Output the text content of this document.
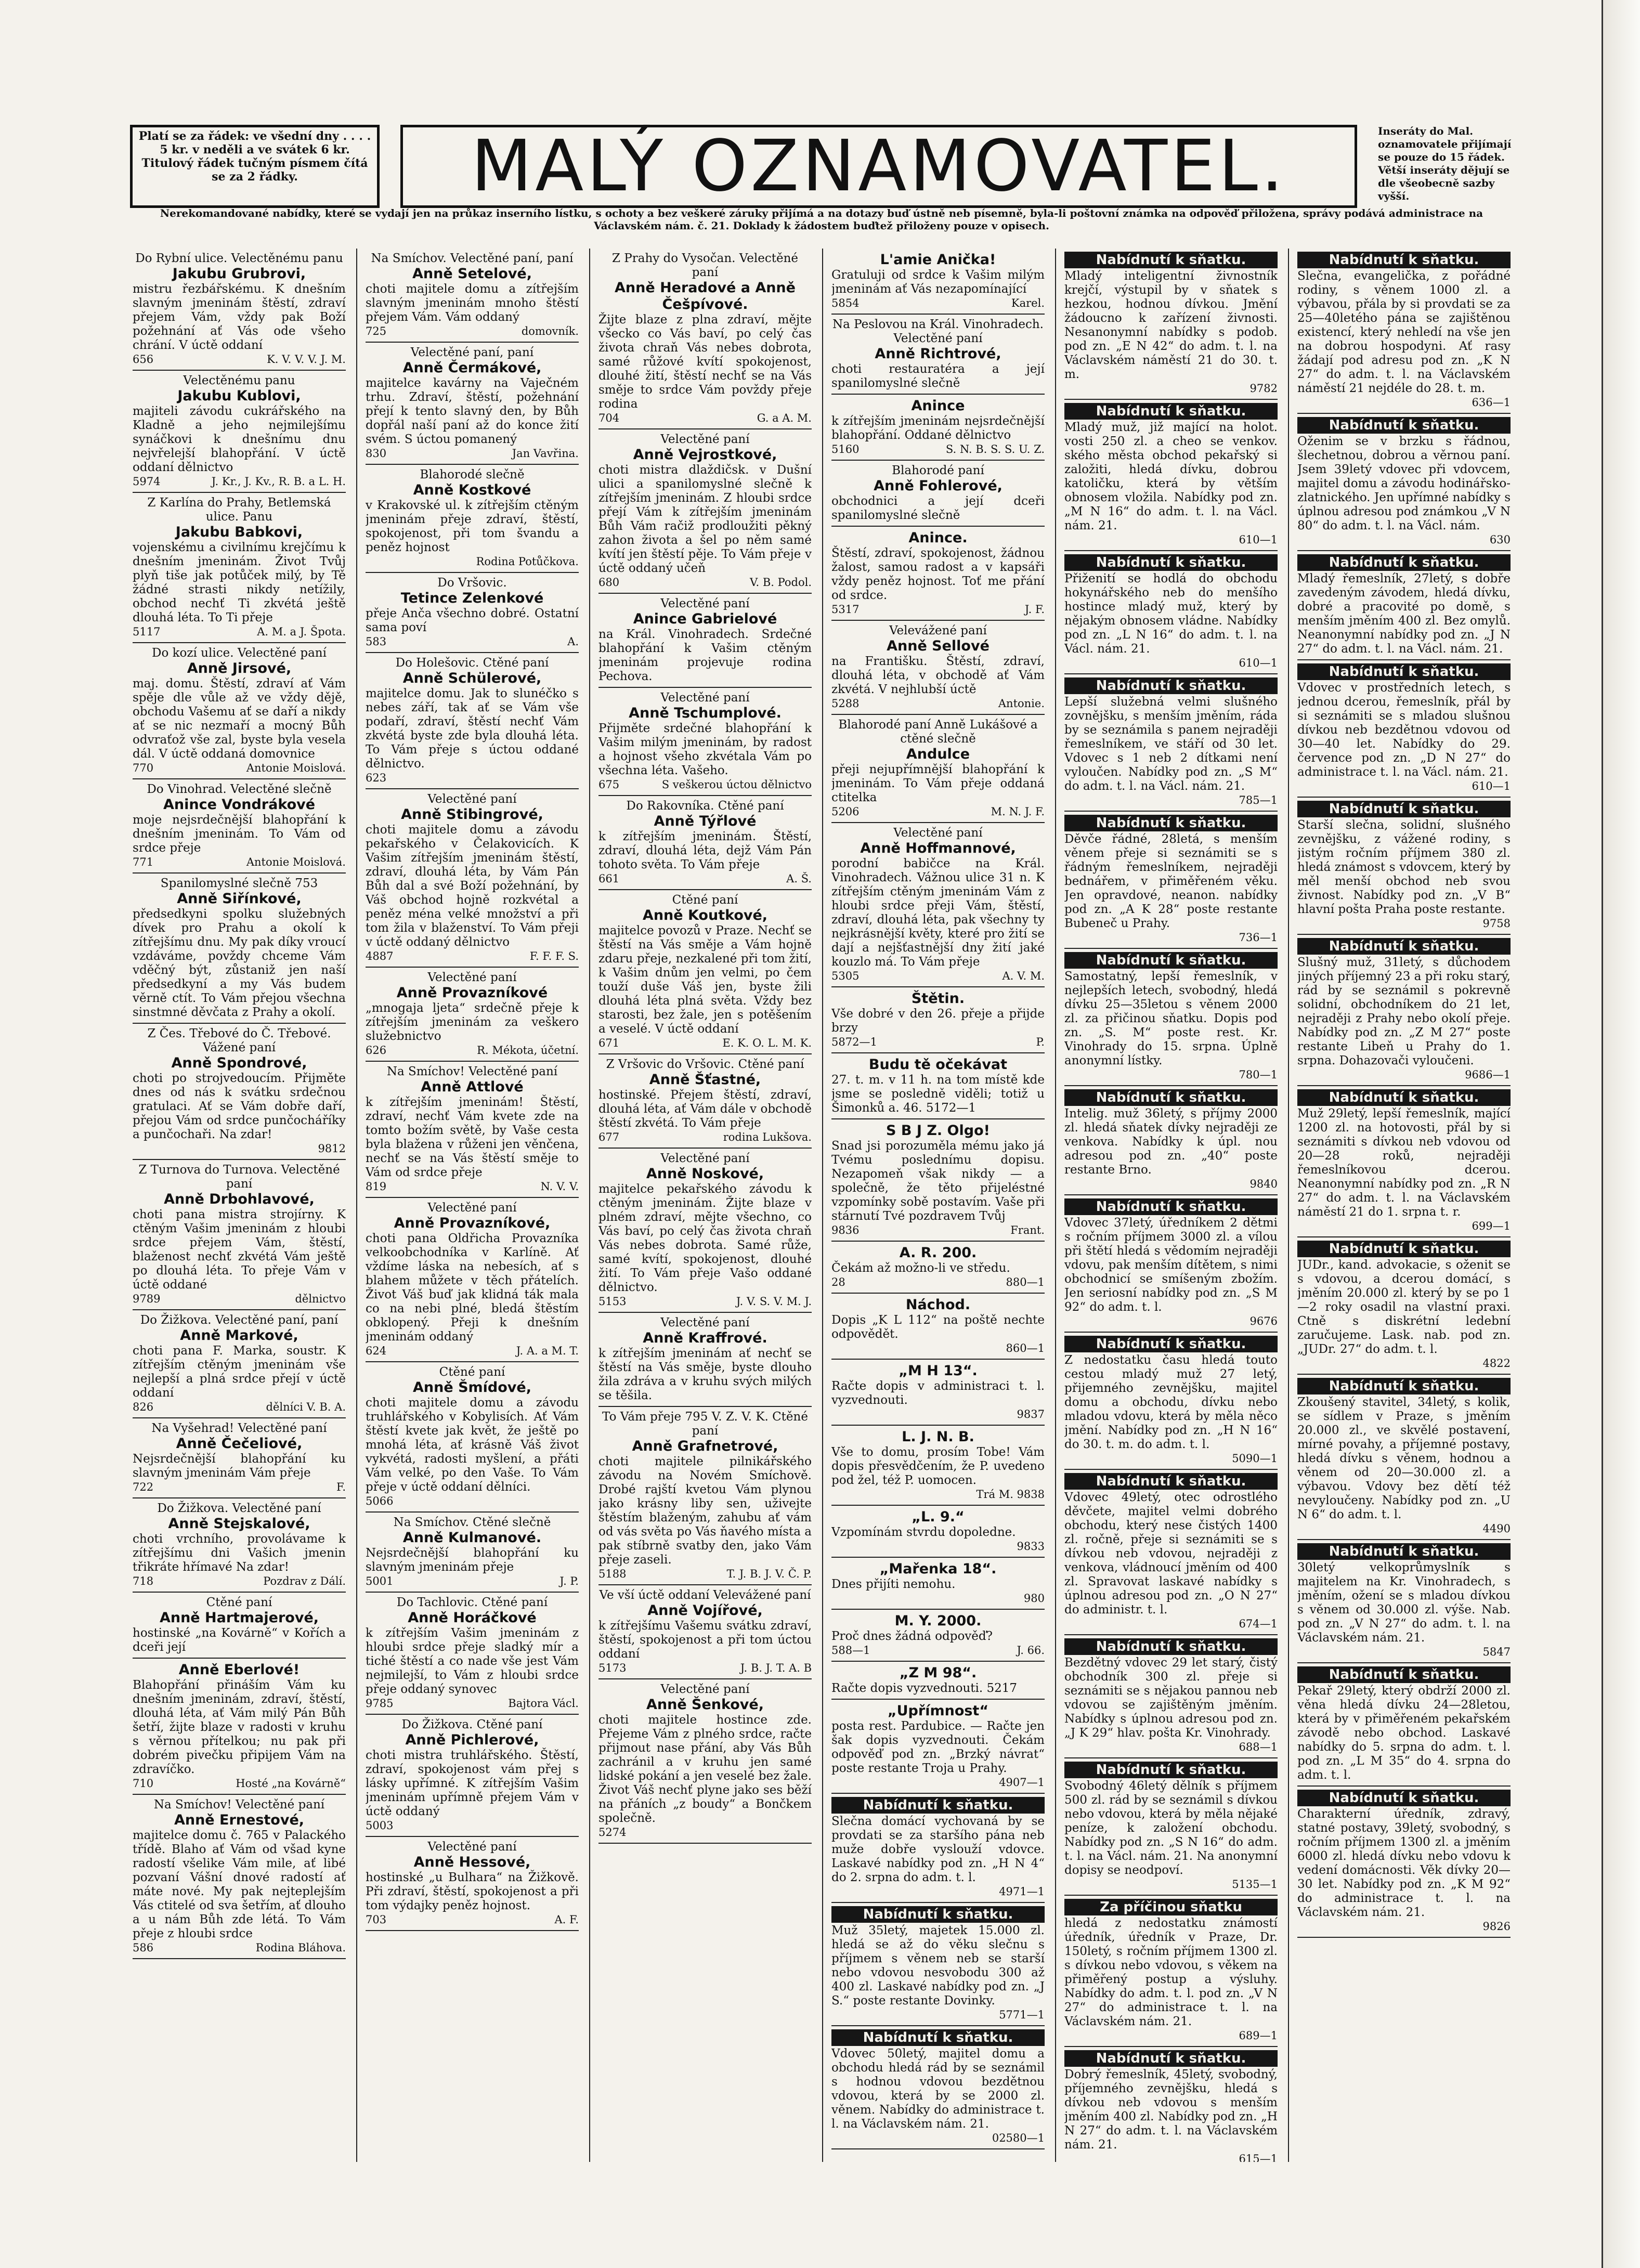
Platí se za řádek: ve všední dny . . . . 5 kr. v neděli a ve svátek 6 kr. Titulový řádek tučným písmem čítá se za 2 řádky.	MALÝ OZNAMOVATEL.	Inseráty do Mal. oznamovatele přijímají se pouze do 15 řádek. Větší inseráty dějují se dle všeobecně sazby vyšší.
Nerekomandované nabídky, které se vydají jen na průkaz inserního lístku, s ochoty a bez veškeré záruky přijímá a na dotazy buď ústně neb písemně, byla-li poštovní známka na odpověď přiložena, správy podává administrace na Václavském nám. č. 21. Doklady k žádostem buďtež přiloženy pouze v opisech.
Do Rybní ulice. Velectěnému panu
Jakubu Grubrovi,
mistru řezbářskému. K dnešním slavným jmeninám štěstí, zdraví přejem Vám, vždy pak Boží požehnání ať Vás ode všeho chrání. V úctě oddaní
656	K. V. V. V. J. M.
Velectěnému panu
Jakubu Kublovi,
majiteli závodu cukrářského na Kladně a jeho nejmilejšímu synáčkovi k dnešnímu dnu nejvřelejší blahopřání. V úctě oddaní dělnictvo
5974	J. Kr., J. Kv., R. B. a L. H.
Z Karlína do Prahy, Betlemská ulice. Panu
Jakubu Babkovi,
vojenskému a civilnímu krejčímu k dnešním jmeninám. Život Tvůj plyň tiše jak potůček milý, by Tě žádné strasti nikdy netížily, obchod nechť Ti zkvétá ještě dlouhá léta. To Ti přeje
5117	A. M. a J. Špota.
Do kozí ulice. Velectěné paní
Anně Jirsové,
maj. domu. Štěstí, zdraví ať Vám spěje dle vůle až ve vždy dějě, obchodu Vašemu ať se daří a nikdy ať se nic nezmaří a mocný Bůh odvraťož vše zal, byste byla vesela dál. V úctě oddaná domovnice
770	Antonie Moislová.
Do Vinohrad. Velectěné slečně
Anince Vondrákové
moje nejsrdečnější blahopřání k dnešním jmeninám. To Vám od srdce přeje
771	Antonie Moislová.
Spanilomyslné slečně 753
Anně Siřínkové,
předsedkyni spolku služebných dívek pro Prahu a okolí k zítřejšímu dnu. My pak díky vroucí vzdáváme, povždy chceme Vám vděčný být, zůstaniž jen naší předsedkyní a my Vás budem věrně ctít. To Vám přejou všechna sinstmné děvčata z Prahy a okolí.
Z Čes. Třebové do Č. Třebové. Vážené paní
Anně Spondrové,
choti po strojvedoucím. Přijměte dnes od nás k svátku srdečnou gratulaci. Ať se Vám dobře daří, přejou Vám od srdce punčocháříky a punčochaři. Na zdar!
9812
Z Turnova do Turnova. Velectěné paní
Anně Drbohlavové,
choti pana mistra strojírny. K ctěným Vašim jmeninám z hloubi srdce přejem Vám, štěstí, blaženost nechť zkvétá Vám ještě po dlouhá léta. To přeje Vám v úctě oddané
9789	dělnictvo
Do Žižkova. Velectěné paní, paní
Anně Markové,
choti pana F. Marka, soustr. K zítřejším ctěným jmeninám vše nejlepší a plná srdce přejí v úctě oddaní
826	dělníci V. B. A.
Na Vyšehrad! Velectěné paní
Anně Čečeliové,
Nejsrdečnější blahopřání ku slavným jmeninám Vám přeje
722	F.
Do Žižkova. Velectěné paní
Anně Stejskalové,
choti vrchního, provolávame k zítřejšímu dni Vašich jmenin třikráte hřímavé Na zdar!
718	Pozdrav z Dálí.
Ctěné paní
Anně Hartmajerové,
hostinské „na Kovárně“ v Kořích a dceři její
Anně Eberlové!
Blahopřání přináším Vám ku dnešním jmeninám, zdraví, štěstí, dlouhá léta, ať Vám milý Pán Bůh šetří, žijte blaze v radosti v kruhu s věrnou přítelkou; nu pak při dobrém pivečku připijem Vám na zdravíčko.
710	Hosté „na Kovárně“
Na Smíchov! Velectěné paní
Anně Ernestové,
majitelce domu č. 765 v Palackého třídě. Blaho ať Vám od všad kyne radostí všelike Vám mile, ať libé pozvaní Vášní dnové radostí ať máte nové. My pak nejteplejším Vás ctitelé od sva šetřím, ať dlouho a u nám Bůh zde létá. To Vám přeje z hloubi srdce
586	Rodina Bláhova.
Na Smíchov. Velectěné paní, paní
Anně Setelové,
choti majitele domu a zítřejším slavným jmeninám mnoho štěstí přejem Vám. Vám oddaný
725	domovník.
Velectěné paní, paní
Anně Čermákové,
majitelce kavárny na Vaječném trhu. Zdraví, štěstí, požehnání přejí k tento slavný den, by Bůh dopřál naší paní až do konce žití svém. S úctou pomanený
830	Jan Vavřina.
Blahorodé slečně
Anně Kostkové
v Krakovské ul. k zítřejším ctěným jmeninám přeje zdraví, štěstí, spokojenost, při tom švandu a peněz hojnost
Rodina Potůčkova.
Do Vršovic.
Tetince Zelenkové
přeje Anča všechno dobré. Ostatní sama poví
583	A.
Do Holešovic. Ctěné paní
Anně Schülerové,
majitelce domu. Jak to slunéčko s nebes září, tak ať se Vám vše podaří, zdraví, štěstí nechť Vám zkvétá byste zde byla dlouhá léta. To Vám přeje s úctou oddané dělnictvo.
623
Velectěné paní
Anně Stibingrové,
choti majitele domu a závodu pekařského v Čelakovicích. K Vašim zítřejším jmeninám štěstí, zdraví, dlouhá léta, by Vám Pán Bůh dal a své Boží požehnání, by Váš obchod hojně rozkvétal a peněz ména velké množství a při tom žila v blaženství. To Vám přeji v úctě oddaný dělnictvo
4887	F. F. F. S.
Velectěné paní
Anně Provazníkové
„mnogaja ljeta“ srdečně přeje k zítřejším jmeninám za veškero služebnictvo
626	R. Mékota, účetní.
Na Smíchov! Velectěné paní
Anně Attlové
k zítřejším jmeninám! Štěstí, zdraví, nechť Vám kvete zde na tomto božím světě, by Vaše cesta byla blažena v růženi jen věnčena, nechť se na Vás štěstí směje to Vám od srdce přeje
819	N. V. V.
Velectěné paní
Anně Provazníkové,
choti pana Oldřicha Provazníka velkoobchodníka v Karlíně. Ať vždíme láska na nebesích, ať s blahem můžete v těch přátelích. Život Váš buď jak klidná ták mala co na nebi plné, bledá štěstím obklopený. Přeji k dnešním jmeninám oddaný
624	J. A. a M. T.
Ctěné paní
Anně Šmídové,
choti majitele domu a závodu truhlářského v Kobylisích. Ať Vám štěstí kvete jak květ, že ještě po mnohá léta, ať krásně Váš život vykvétá, radosti myšlení, a přáti Vám velké, po den Vaše. To Vám přeje v úctě oddaní dělníci.
5066
Na Smíchov. Ctěné slečně
Anně Kulmanové.
Nejsrdečnější blahopřání ku slavným jmeninám přeje
5001	J. P.
Do Tachlovic. Ctěné paní
Anně Horáčkové
k zítřejším Vašim jmeninám z hloubi srdce přeje sladký mír a tiché štěstí a co nade vše jest Vám nejmilejší, to Vám z hloubi srdce přeje oddaný synovec
9785	Bajtora Václ.
Do Žižkova. Ctěné paní
Anně Pichlerové,
choti mistra truhlářského. Štěstí, zdraví, spokojenost vám přej s lásky upřímné. K zítřejším Vašim jmeninám upřímně přejem Vám v úctě oddaný
5003
Velectěné paní
Anně Hessové,
hostinské „u Bulhara“ na Žižkově. Při zdraví, štěstí, spokojenost a při tom výdajky peněz hojnost.
703	A. F.
Z Prahy do Vysočan. Velectěné paní
Anně Heradové a Anně Češpívové.
Žijte blaze z plna zdraví, mějte všecko co Vás baví, po celý čas života chraň Vás nebes dobrota, samé růžové kvítí spokojenost, dlouhé žití, štěstí nechť se na Vás směje to srdce Vám povždy přeje rodina
704	G. a A. M.
Velectěné paní
Anně Vejrostkové,
choti mistra dlaždičsk. v Dušní ulici a spanilomyslné slečně k zítřejším jmeninám. Z hloubi srdce přejí Vám k zítřejším jmeninám Bůh Vám račiž prodloužiti pěkný zahon života a šel po něm samé kvítí jen štěstí pěje. To Vám přeje v úctě oddaný učeň
680	V. B. Podol.
Velectěné paní
Anince Gabrielové
na Král. Vinohradech. Srdečné blahopřání k Vašim ctěným jmeninám projevuje rodina Pechova.
Velectěné paní
Anně Tschumplové.
Přijměte srdečné blahopřání k Vašim milým jmeninám, by radost a hojnost všeho zkvétala Vám po všechna léta. Vašeho.
675	S veškerou úctou dělnictvo
Do Rakovníka. Ctěné paní
Anně Týřlové
k zítřejším jmeninám. Štěstí, zdraví, dlouhá léta, dejž Vám Pán tohoto světa. To Vám přeje
661	A. Š.
Ctěné paní
Anně Koutkové,
majitelce povozů v Praze. Nechť se štěstí na Vás směje a Vám hojně zdaru přeje, nezkalené při tom žití, k Vašim dnům jen velmi, po čem touží duše Váš jen, byste žili dlouhá léta plná světa. Vždy bez starosti, bez žale, jen s potěšením a veselé. V úctě oddaní
671	E. K. O. L. M. K.
Z Vršovic do Vršovic. Ctěné paní
Anně Šťastné,
hostinské. Přejem štěstí, zdraví, dlouhá léta, ať Vám dále v obchodě štěstí zkvétá. To Vám přeje
677	rodina Lukšova.
Velectěné paní
Anně Noskové,
majitelce pekařského závodu k ctěným jmeninám. Žijte blaze v plném zdraví, mějte všechno, co Vás baví, po celý čas života chraň Vás nebes dobrota. Samé růže, samé kvítí, spokojenost, dlouhé žití. To Vám přeje Vašo oddané dělnictvo.
5153	J. V. S. V. M. J.
Velectěné paní
Anně Kraffrové.
k zítřejším jmeninám ať nechť se štěstí na Vás směje, byste dlouho žila zdráva a v kruhu svých milých se těšila.
To Vám přeje 795 V. Z. V. K. Ctěné paní
Anně Grafnetrové,
choti majitele pilnikářského závodu na Novém Smíchově. Drobé rajští kvetou Vám plynou jako krásny liby sen, uživejte štěstím blaženým, zahubu ať vám od vás světa po Vás ňavého místa a pak stíbrně svatby den, jako Vám přeje zaseli.
5188	T. J. B. J. V. Č. P.
Ve vší úctě oddaní Velevážené paní
Anně Vojířové,
k zítřejšímu Vašemu svátku zdraví, štěstí, spokojenost a při tom úctou oddaní
5173	J. B. J. T. A. B
Velectěné paní
Anně Šenkové,
choti majitele hostince zde. Přejeme Vám z plného srdce, račte přijmout nase přání, aby Vás Bůh zachránil a v kruhu jen samé lidské pokání a jen veselé bez žale. Život Váš nechť plyne jako ses běží na přáních „z boudy“ a Bončkem společně.
5274
L'amie Anička!
Gratuluji od srdce k Vašim milým jmeninám ať Vás nezapomínající
5854	Karel.
Na Peslovou na Král. Vinohradech. Velectěné paní
Anně Richtrové,
choti restauratéra a její spanilomyslné slečně
Anince
k zítřejším jmeninám nejsrdečnější blahopřání. Oddané dělnictvo
5160	S. N. B. S. S. U. Z.
Blahorodé paní
Anně Fohlerové,
obchodnici a její dceři spanilomyslné slečně
Anince.
Štěstí, zdraví, spokojenost, žádnou žalost, samou radost a v kapsáři vždy peněz hojnost. Toť me přání od srdce.
5317	J. F.
Velevážené paní
Anně Sellové
na Františku. Štěstí, zdraví, dlouhá léta, v obchodě ať Vám zkvétá. V nejhlubší úctě
5288	Antonie.
Blahorodé paní Anně Lukášové a ctěné slečně
Andulce
přeji nejupřímnější blahopřání k jmeninám. To Vám přeje oddaná ctitelka
5206	M. N. J. F.
Velectěné paní
Anně Hoffmannové,
porodní babičce na Král. Vinohradech. Vážnou ulice 31 n. K zítřejším ctěným jmeninám Vám z hloubi srdce přeji Vám, štěstí, zdraví, dlouhá léta, pak všechny ty nejkrásnější květy, které pro žití se dají a nejšťastnější dny žití jaké kouzlo má. To Vám přeje
5305	A. V. M.
Štětin.
Vše dobré v den 26. přeje a přijde brzy
5872—1	P.
Budu tě očekávat
27. t. m. v 11 h. na tom místě kde jsme se posledně viděli; totiž u Šimonků a. 46. 5172—1
S B J Z. Olgo!
Snad jsi porozuměla mému jako já Tvému poslednímu dopisu. Nezapomeň však nikdy — a společně, že těto přijeléstné vzpomínky sobě postavím. Vaše při stárnutí Tvé pozdravem Tvůj
9836	Frant.
A. R. 200.
Čekám až možno-li ve středu.
28	880—1
Náchod.
Dopis „K L 112“ na poště nechte odpovědět.
860—1
„M H 13“.
Račte dopis v administraci t. l. vyzvednouti.
9837
L. J. N. B.
Vše to domu, prosím Tobe! Vám dopis přesvědčením, že P. uvedeno pod žel, též P. uomocen.
Trá M. 9838
„L. 9.“
Vzpomínám stvrdu dopoledne.
9833
„Mařenka 18“.
Dnes přijíti nemohu.
980
M. Y. 2000.
Proč dnes žádná odpověď?
588—1	J. 66.
„Z M 98“.
Račte dopis vyzvednouti. 5217
„Upřímnost“
posta rest. Pardubice. — Račte jen šak dopis vyzvednouti. Čekám odpověď pod zn. „Brzký návrat“ poste restante Troja u Prahy.
4907—1
Nabídnutí k sňatku.
Slečna domácí vychovaná by se provdati se za staršího pána neb muže dobře vyslouží vdovce. Laskavé nabídky pod zn. „H N 4“ do 2. srpna do adm. t. l.
4971—1
Nabídnutí k sňatku.
Muž 35letý, majetek 15.000 zl. hledá se až do věku slečnu s příjmem s věnem neb se starší nebo vdovou nesvobodu 300 až 400 zl. Laskavé nabídky pod zn. „J S.“ poste restante Dovinky.
5771—1
Nabídnutí k sňatku.
Vdovec 50letý, majitel domu a obchodu hledá rád by se seznámil s hodnou vdovou bezdětnou vdovou, která by se 2000 zl. věnem. Nabídky do administrace t. l. na Václavském nám. 21.
02580—1
Nabídnutí k sňatku.
Mladý inteligentní živnostník krejčí, výstupil by v sňatek s hezkou, hodnou dívkou. Jmění žádoucno k zařízení živnosti. Nesanonymní nabídky s podob. pod zn. „E N 42“ do adm. t. l. na Václavském náměstí 21 do 30. t. m.
9782
Nabídnutí k sňatku.
Mladý muž, již mající na holot. vosti 250 zl. a cheo se venkov. ského města obchod pekařský si založiti, hledá dívku, dobrou katoličku, která by větším obnosem vložila. Nabídky pod zn. „M N 16“ do adm. t. l. na Václ. nám. 21.
610—1
Nabídnutí k sňatku.
Přiženití se hodlá do obchodu hokynářského neb do menšího hostince mladý muž, který by nějakým obnosem vládne. Nabídky pod zn. „L N 16“ do adm. t. l. na Václ. nám. 21.
610—1
Nabídnutí k sňatku.
Lepší služebná velmi slušného zovnějšku, s menším jměním, ráda by se seznámila s panem nejraději řemeslníkem, ve stáří od 30 let. Vdovec s 1 neb 2 dítkami není vyloučen. Nabídky pod zn. „S M“ do adm. t. l. na Václ. nám. 21.
785—1
Nabídnutí k sňatku.
Děvče řádné, 28letá, s menším věnem přeje si seznámiti se s řádným řemeslníkem, nejraději bednářem, v přiměřeném věku. Jen opravdové, neanon. nabídky pod zn. „A K 28“ poste restante Bubeneč u Prahy.
736—1
Nabídnutí k sňatku.
Samostatný, lepší řemeslník, v nejlepších letech, svobodný, hledá dívku 25—35letou s věnem 2000 zl. za přičinou sňatku. Dopis pod zn. „S. M“ poste rest. Kr. Vinohrady do 15. srpna. Úplně anonymní lístky.
780—1
Nabídnutí k sňatku.
Intelig. muž 36letý, s příjmy 2000 zl. hledá sňatek dívky nejraději ze venkova. Nabídky k úpl. nou adresou pod zn. „40“ poste restante Brno.
9840
Nabídnutí k sňatku.
Vdovec 37letý, úředníkem 2 dětmi s ročním příjmem 3000 zl. a vílou při štětí hledá s vědomím nejraději vdovu, pak menším dítětem, s nimi obchodnicí se smíšeným zbožím. Jen seriosní nabídky pod zn. „S M 92“ do adm. t. l.
9676
Nabídnutí k sňatku.
Z nedostatku času hledá touto cestou mladý muž 27 letý, přijemného zevnějšku, majitel domu a obchodu, dívku nebo mladou vdovu, která by měla něco jmění. Nabídky pod zn. „H N 16“ do 30. t. m. do adm. t. l.
5090—1
Nabídnutí k sňatku.
Vdovec 49letý, otec odrostlého děvčete, majitel velmi dobrého obchodu, který nese čistých 1400 zl. ročně, přeje si seznámiti se s dívkou neb vdovou, nejraději z venkova, vládnoucí jměním od 400 zl. Spravovat laskavé nabídky s úplnou adresou pod zn. „O N 27“ do administr. t. l.
674—1
Nabídnutí k sňatku.
Bezdětný vdovec 29 let starý, čistý obchodník 300 zl. přeje si seznámiti se s nějakou pannou neb vdovou se zajištěným jměním. Nabídky s úplnou adresou pod zn. „J K 29“ hlav. pošta Kr. Vinohrady.
688—1
Nabídnutí k sňatku.
Svobodný 46letý dělník s příjmem 500 zl. rád by se seznámil s dívkou nebo vdovou, která by měla nějaké peníze, k založení obchodu. Nabídky pod zn. „S N 16“ do adm. t. l. na Václ. nám. 21. Na anonymní dopisy se neodpoví.
5135—1
Za příčinou sňatku
hledá z nedostatku známostí úředník, úředník v Praze, Dr. 150letý, s ročním příjmem 1300 zl. s dívkou nebo vdovou, s věkem na přiměřený postup a výsluhy. Nabídky do adm. t. l. pod zn. „V N 27“ do administrace t. l. na Václavském nám. 21.
689—1
Nabídnutí k sňatku.
Dobrý řemeslník, 45letý, svobodný, příjemného zevnějšku, hledá s dívkou neb vdovou s menším jměním 400 zl. Nabídky pod zn. „H N 27“ do adm. t. l. na Václavském nám. 21.
615—1
Nabídnutí k sňatku.
Slečna, evangelička, z pořádné rodiny, s věnem 1000 zl. a výbavou, přála by si provdati se za 25—40letého pána se zajištěnou existencí, který nehledí na vše jen na dobrou hospodyni. Ať rasy žádají pod adresu pod zn. „K N 27“ do adm. t. l. na Václavském náměstí 21 nejdéle do 28. t. m.
636—1
Nabídnutí k sňatku.
Oženim se v brzku s řádnou, šlechetnou, dobrou a věrnou paní. Jsem 39letý vdovec při vdovcem, majitel domu a závodu hodinářsko-zlatnického. Jen upřímné nabídky s úplnou adresou pod známkou „V N 80“ do adm. t. l. na Václ. nám.
630
Nabídnutí k sňatku.
Mladý řemeslník, 27letý, s dobře zavedeným závodem, hledá dívku, dobré a pracovité po domě, s menším jměním 400 zl. Bez omylů. Neanonymní nabídky pod zn. „J N 27“ do adm. t. l. na Václ. nám. 21.
Nabídnutí k sňatku.
Vdovec v prostředních letech, s jednou dcerou, řemeslník, přál by si seznámiti se s mladou slušnou dívkou neb bezdětnou vdovou od 30—40 let. Nabídky do 29. července pod zn. „D N 27“ do administrace t. l. na Václ. nám. 21.
610—1
Nabídnutí k sňatku.
Starší slečna, solidní, slušného zevnějšku, z vážené rodiny, s jistým ročním příjmem 380 zl. hledá známost s vdovcem, který by měl menší obchod neb svou živnost. Nabídky pod zn. „V B“ hlavní pošta Praha poste restante.
9758
Nabídnutí k sňatku.
Slušný muž, 31letý, s důchodem jiných příjemný 23 a při roku starý, rád by se seznámil s pokrevně solidní, obchodníkem do 21 let, nejraději z Prahy nebo okolí přeje. Nabídky pod zn. „Z M 27“ poste restante Libeň u Prahy do 1. srpna. Dohazovači vyloučeni.
9686—1
Nabídnutí k sňatku.
Muž 29letý, lepší řemeslník, mající 1200 zl. na hotovosti, přál by si seznámiti s dívkou neb vdovou od 20—28 roků, nejraději řemeslníkovou dcerou. Neanonymní nabídky pod zn. „R N 27“ do adm. t. l. na Václavském náměstí 21 do 1. srpna t. r.
699—1
Nabídnutí k sňatku.
JUDr., kand. advokacie, s oženit se s vdovou, a dcerou domácí, s jměním 20.000 zl. který by se po 1—2 roky osadil na vlastní praxi. Ctně s diskrétní ledební zaručujeme. Lask. nab. pod zn. „JUDr. 27“ do adm. t. l.
4822
Nabídnutí k sňatku.
Zkoušený stavitel, 34letý, s kolik, se sídlem v Praze, s jměním 20.000 zl., ve skvělé postavení, mírné povahy, a příjemné postavy, hledá dívku s věnem, hodnou a věnem od 20—30.000 zl. a výbavou. Vdovy bez dětí též nevyloučeny. Nabídky pod zn. „U N 6“ do adm. t. l.
4490
Nabídnutí k sňatku.
30letý velkoprůmyslník s majitelem na Kr. Vinohradech, s jměním, ožení se s mladou dívkou s věnem od 30.000 zl. výše. Nab. pod zn. „V N 27“ do adm. t. l. na Václavském nám. 21.
5847
Nabídnutí k sňatku.
Pekař 29letý, který obdrží 2000 zl. věna hledá dívku 24—28letou, která by v přiměřeném pekařském závodě nebo obchod. Laskavé nabídky do 5. srpna do adm. t. l. pod zn. „L M 35“ do 4. srpna do adm. t. l.
Nabídnutí k sňatku.
Charakterní úředník, zdravý, statné postavy, 39letý, svobodný, s ročním příjmem 1300 zl. a jměním 6000 zl. hledá dívku nebo vdovu k vedení domácnosti. Věk dívky 20—30 let. Nabídky pod zn. „K M 92“ do administrace t. l. na Václavském nám. 21.
9826
